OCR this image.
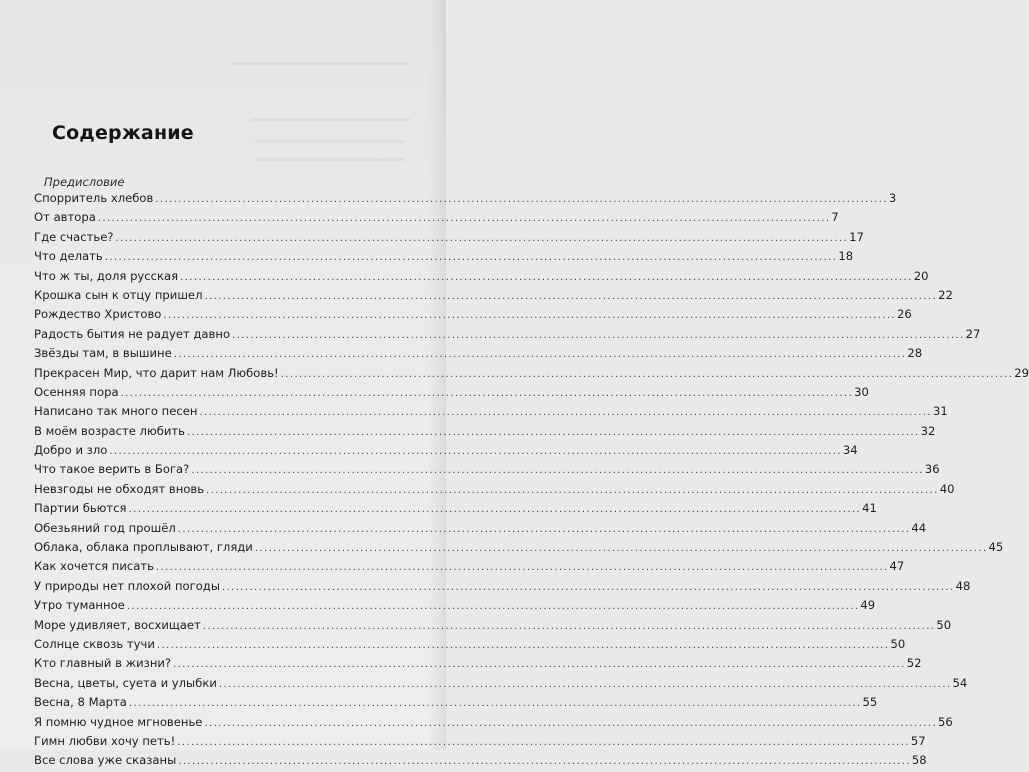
Содержание
Предисловие
Спорритель хлебов .....	3
От автора .....	7
Где счастье? .....	17
Что делать .....	18
Что ж ты, доля русская .....	20
Крошка сын к отцу пришел .....	22
Рождество Христово .....	26
Радость бытия не радует давно .....	27
Звёзды там, в вышине .....	28
Прекрасен Мир, что дарит нам Любовь! .....	29
Осенняя пора .....	30
Написано так много песен .....	31
В моём возрасте любить .....	32
Добро и зло .....	34
Что такое верить в Бога? .....	36
Невзгоды не обходят вновь .....	40
Партии бьются .....	41
Обезьяний год прошёл .....	44
Облака, облака проплывают, гляди .....	45
Как хочется писать .....	47
У природы нет плохой погоды .....	48
Утро туманное .....	49
Море удивляет, восхищает .....	50
Солнце сквозь тучи .....	50
Кто главный в жизни? .....	52
Весна, цветы, суета и улыбки .....	54
Весна, 8 Марта .....	55
Я помню чудное мгновенье .....	56
Гимн любви хочу петь! .....	57
Все слова уже сказаны .....	58
